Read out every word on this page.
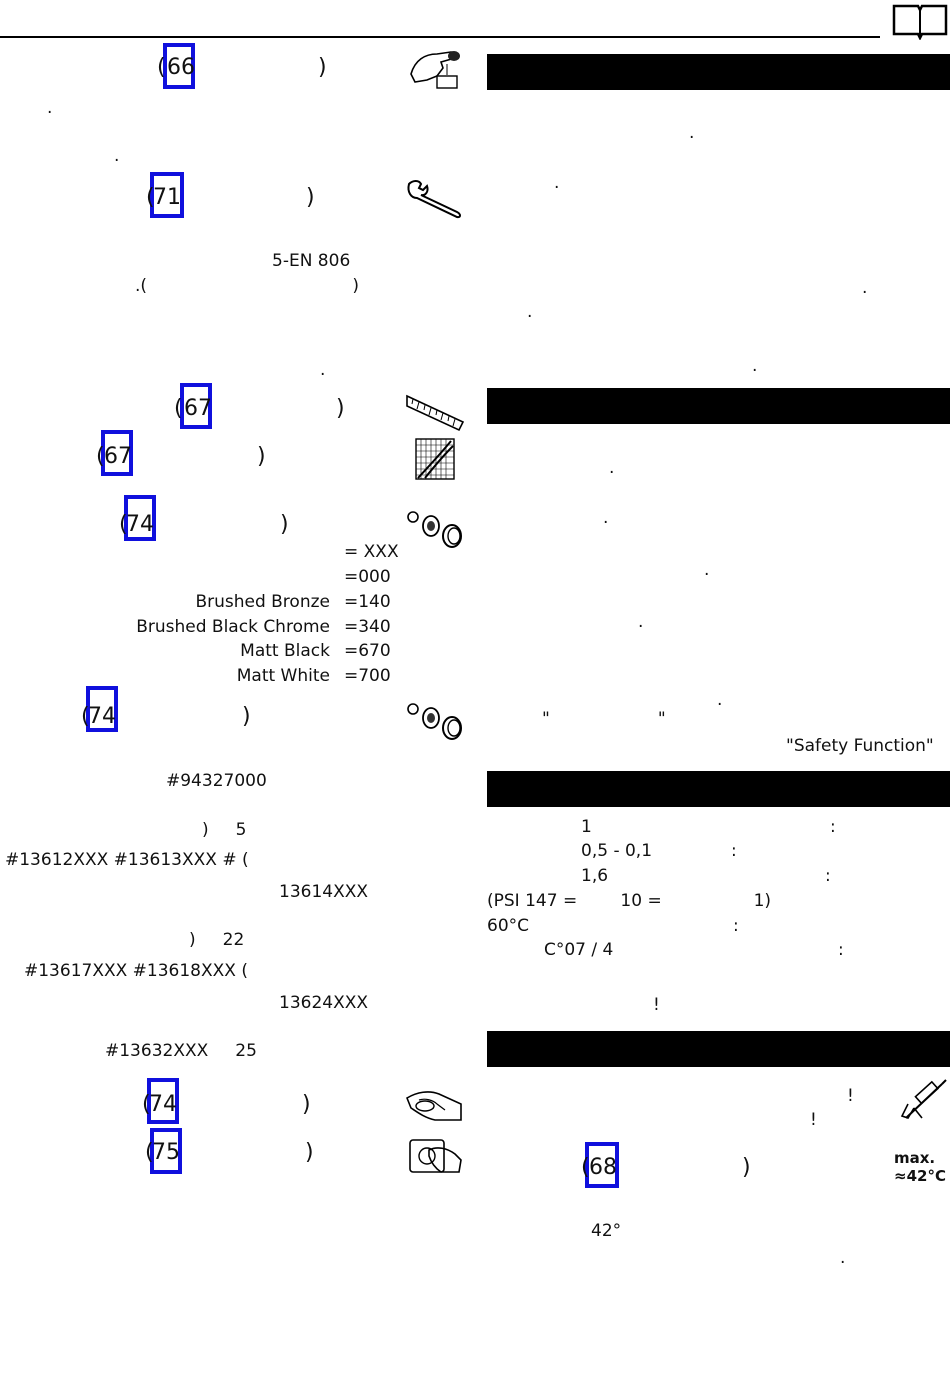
( 66	)
.
.
(
71	)
5-EN 806
.(                                      )
.
( 67	)
( 67	)
(
74	)
= XXX
=000
Brushed Bronze =140
Brushed Black Chrome =340
Matt Black =670
Matt White =700
(
74	)
#94327000
)     5
#13612XXX #13613XXX # (
13614XXX
)     22
#13617XXX #13618XXX (
13624XXX
#13632XXX     25
(
74	)
(
75	)
.
.
.
.
.
.
.
.
.
.
"                    "
"Safety Function"
1	:
0,5 - 0,1	:
1,6	:
(PSI 147 =        10 =                 1)
60°C	:
C°07 / 4	:
!
!
!
( 68	)	max.
≈42°C
42°
.
